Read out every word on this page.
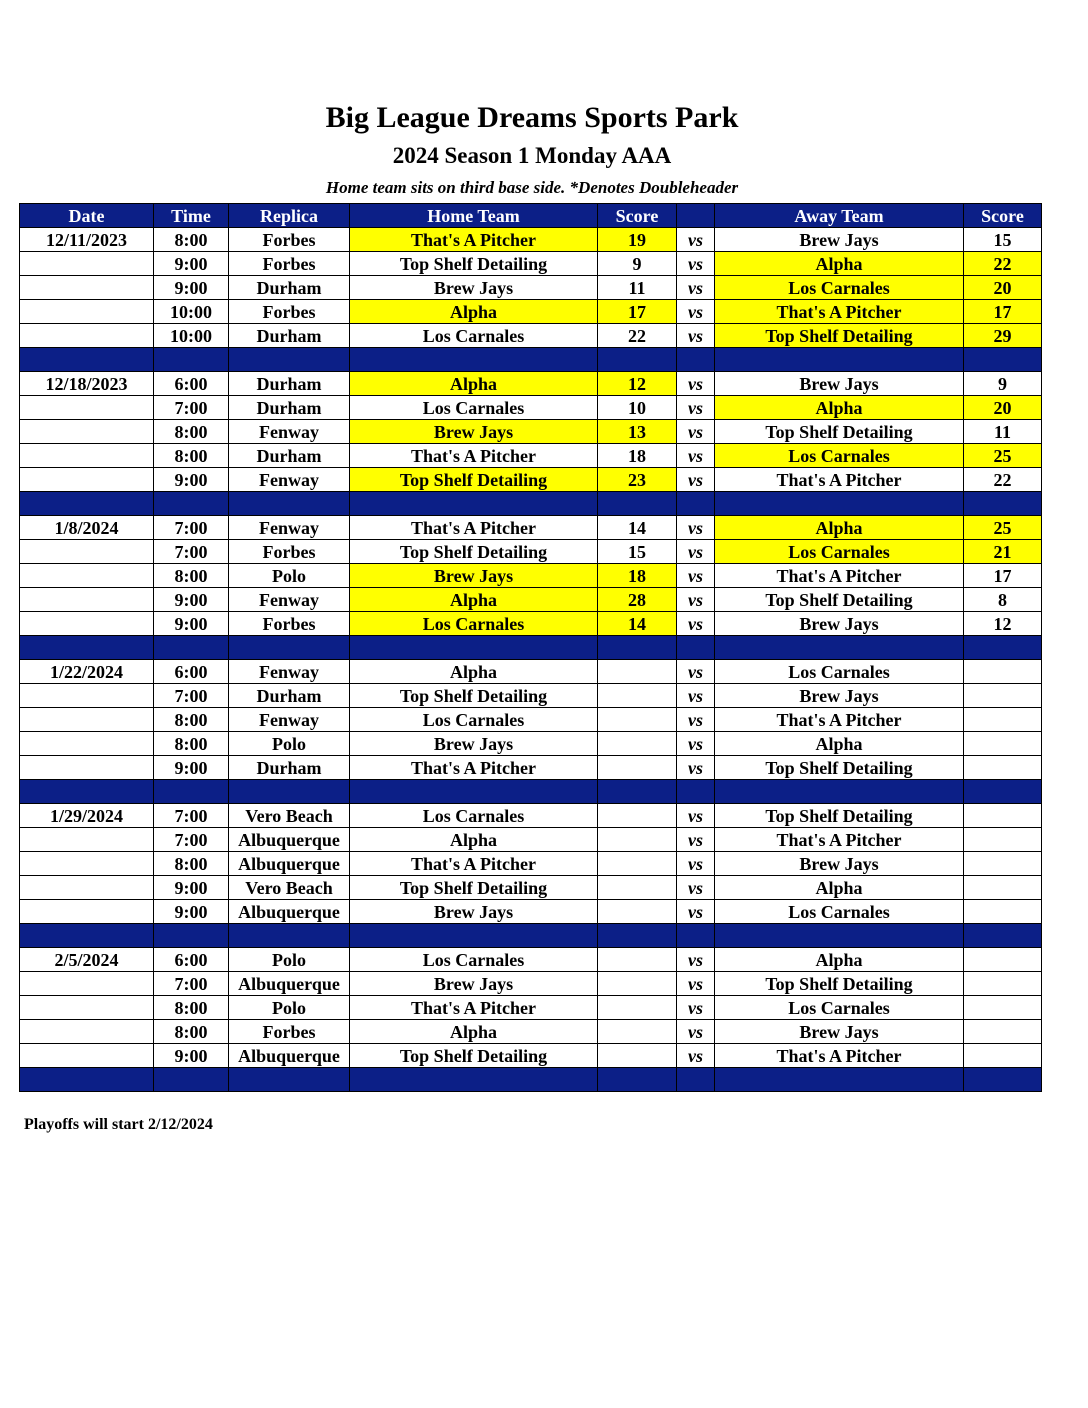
Big League Dreams Sports Park
2024 Season 1 Monday AAA
Home team sits on third base side. *Denotes Doubleheader
Date	Time	Replica	Home Team	Score		Away Team	Score
12/11/2023	8:00	Forbes	That's A Pitcher	19	vs	Brew Jays	15
	9:00	Forbes	Top Shelf Detailing	9	vs	Alpha	22
	9:00	Durham	Brew Jays	11	vs	Los Carnales	20
	10:00	Forbes	Alpha	17	vs	That's A Pitcher	17
	10:00	Durham	Los Carnales	22	vs	Top Shelf Detailing	29

12/18/2023	6:00	Durham	Alpha	12	vs	Brew Jays	9
	7:00	Durham	Los Carnales	10	vs	Alpha	20
	8:00	Fenway	Brew Jays	13	vs	Top Shelf Detailing	11
	8:00	Durham	That's A Pitcher	18	vs	Los Carnales	25
	9:00	Fenway	Top Shelf Detailing	23	vs	That's A Pitcher	22

1/8/2024	7:00	Fenway	That's A Pitcher	14	vs	Alpha	25
	7:00	Forbes	Top Shelf Detailing	15	vs	Los Carnales	21
	8:00	Polo	Brew Jays	18	vs	That's A Pitcher	17
	9:00	Fenway	Alpha	28	vs	Top Shelf Detailing	8
	9:00	Forbes	Los Carnales	14	vs	Brew Jays	12

1/22/2024	6:00	Fenway	Alpha		vs	Los Carnales	
	7:00	Durham	Top Shelf Detailing		vs	Brew Jays	
	8:00	Fenway	Los Carnales		vs	That's A Pitcher	
	8:00	Polo	Brew Jays		vs	Alpha	
	9:00	Durham	That's A Pitcher		vs	Top Shelf Detailing	

1/29/2024	7:00	Vero Beach	Los Carnales		vs	Top Shelf Detailing	
	7:00	Albuquerque	Alpha		vs	That's A Pitcher	
	8:00	Albuquerque	That's A Pitcher		vs	Brew Jays	
	9:00	Vero Beach	Top Shelf Detailing		vs	Alpha	
	9:00	Albuquerque	Brew Jays		vs	Los Carnales	

2/5/2024	6:00	Polo	Los Carnales		vs	Alpha	
	7:00	Albuquerque	Brew Jays		vs	Top Shelf Detailing	
	8:00	Polo	That's A Pitcher		vs	Los Carnales	
	8:00	Forbes	Alpha		vs	Brew Jays	
	9:00	Albuquerque	Top Shelf Detailing		vs	That's A Pitcher	

Playoffs will start 2/12/2024
